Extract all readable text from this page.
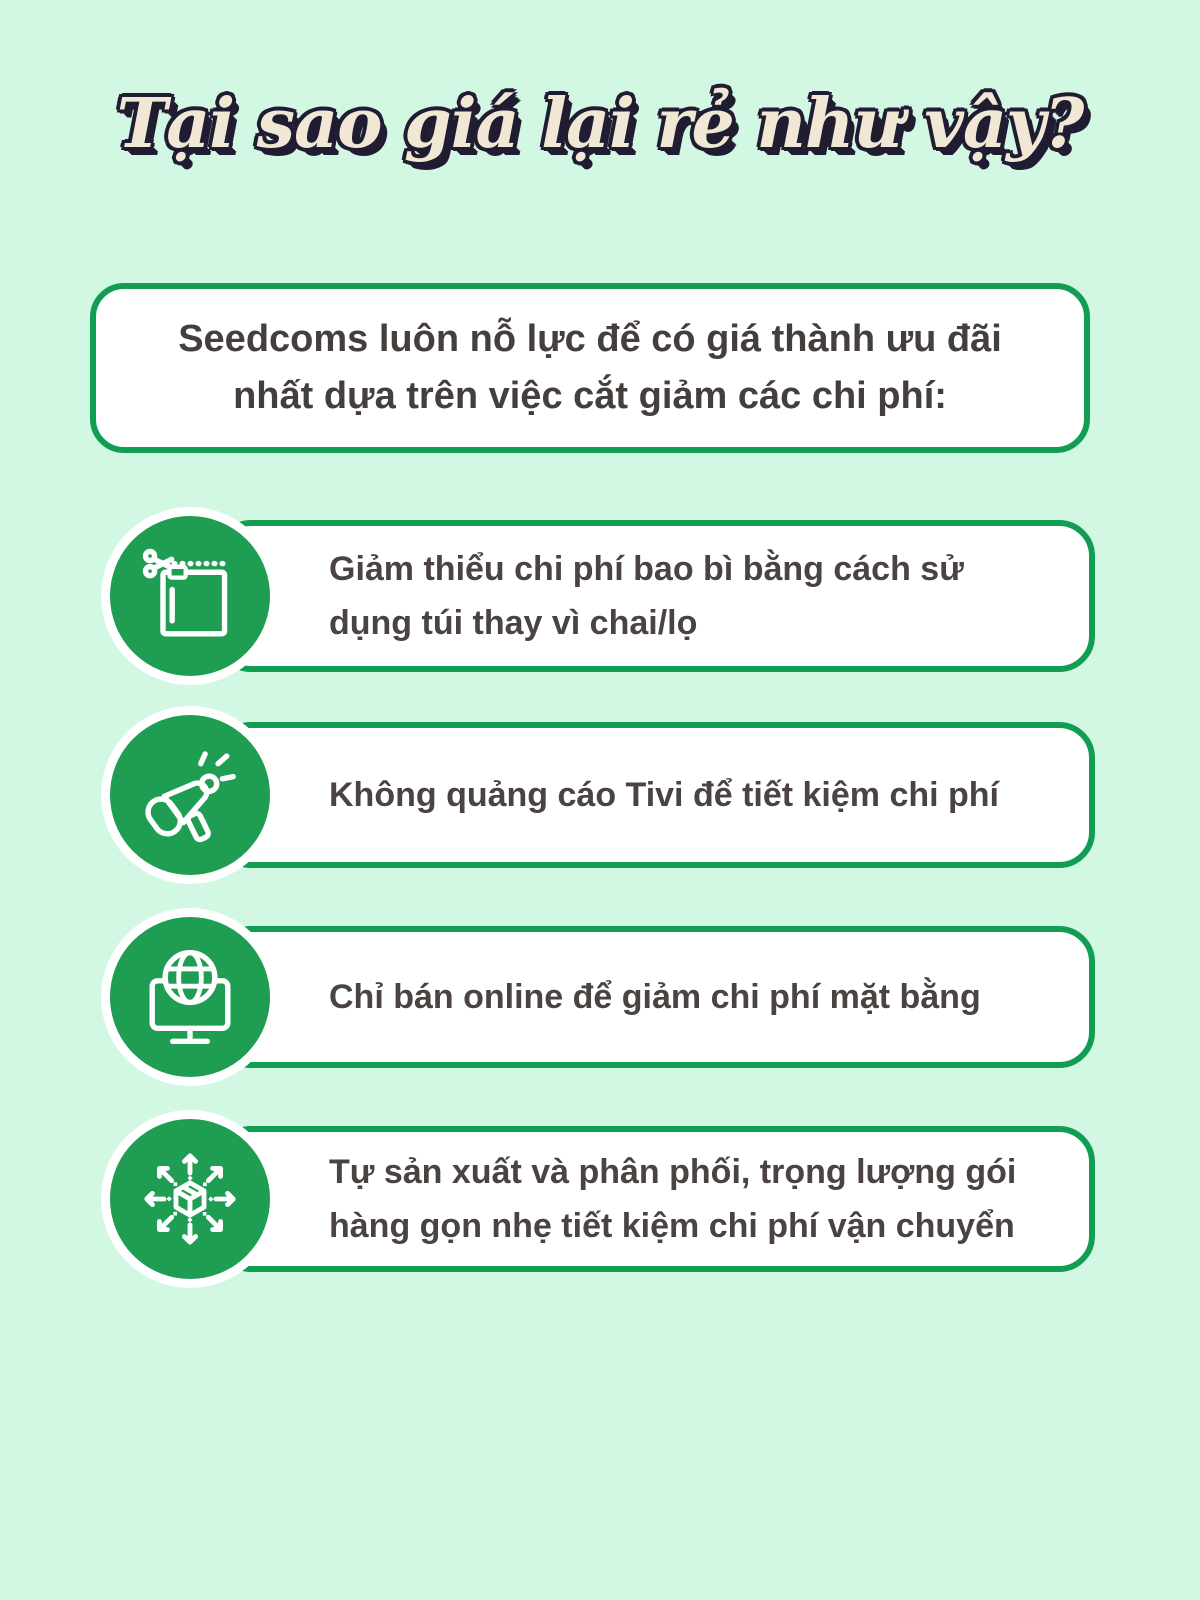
Tại sao giá lại rẻ như vậy?
Seedcoms luôn nỗ lực để có giá thành ưu đãi nhất dựa trên việc cắt giảm các chi phí:
Giảm thiểu chi phí bao bì bằng cách sử dụng túi thay vì chai/lọ
Không quảng cáo Tivi để tiết kiệm chi phí
Chỉ bán online để giảm chi phí mặt bằng
Tự sản xuất và phân phối, trọng lượng gói hàng gọn nhẹ tiết kiệm chi phí vận chuyển
